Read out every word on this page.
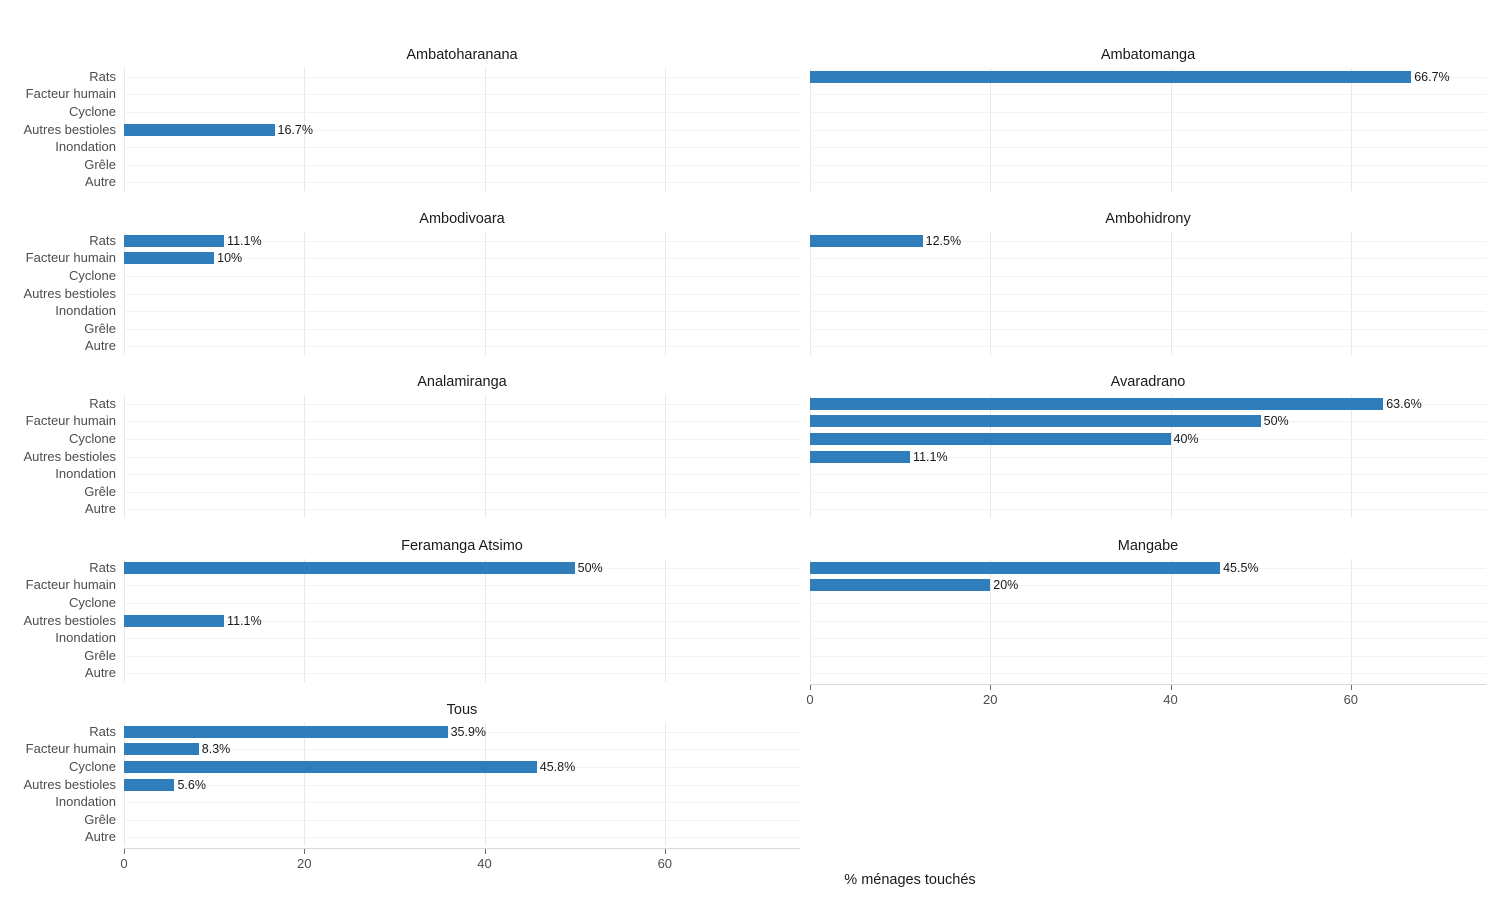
Ambatoharanana
16.7%
Rats
Facteur humain
Cyclone
Autres bestioles
Inondation
Grêle
Autre
Ambodivoara
11.1%
10%
Rats
Facteur humain
Cyclone
Autres bestioles
Inondation
Grêle
Autre
Analamiranga
Rats
Facteur humain
Cyclone
Autres bestioles
Inondation
Grêle
Autre
Feramanga Atsimo
50%
11.1%
Rats
Facteur humain
Cyclone
Autres bestioles
Inondation
Grêle
Autre
Tous
35.9%
8.3%
45.8%
5.6%
Rats
Facteur humain
Cyclone
Autres bestioles
Inondation
Grêle
Autre
Ambatomanga
66.7%
Ambohidrony
12.5%
Avaradrano
63.6%
50%
40%
11.1%
Mangabe
45.5%
20%
0	20	40	60
0	20	40	60
% ménages touchés
